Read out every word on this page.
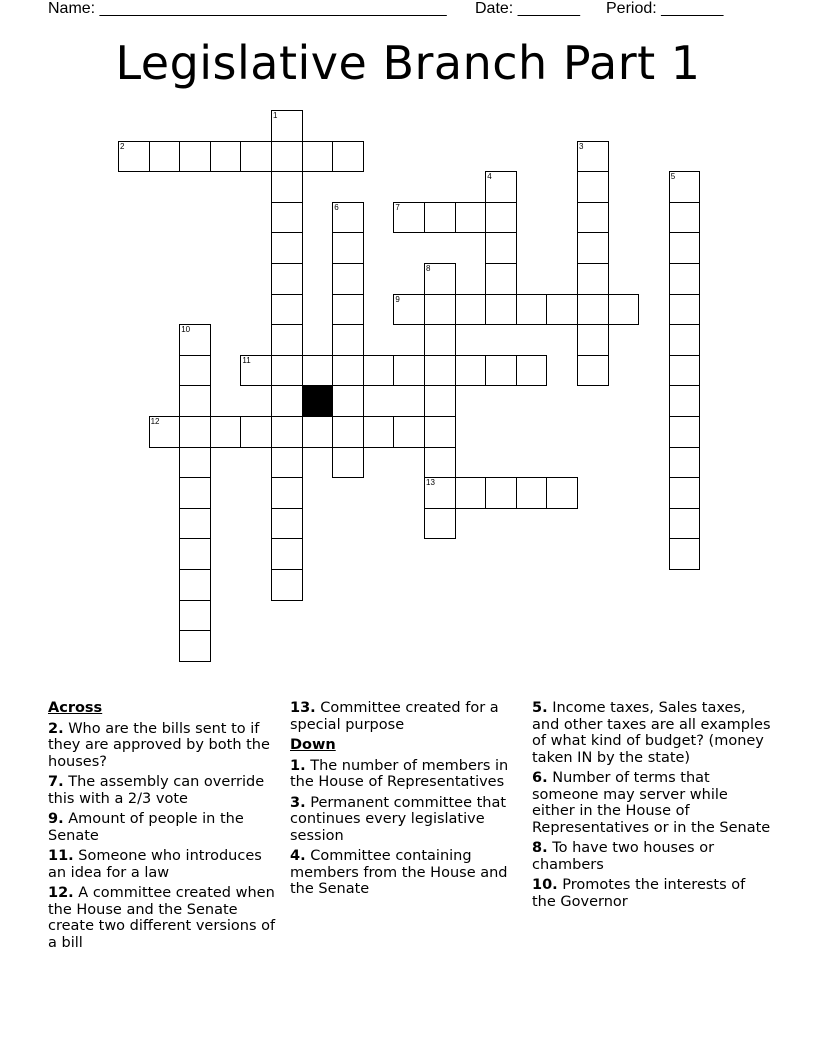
Name: _______________________________________

Date: _______

Period: _______

Legislative Branch Part 1
1
2	3
4	5
6	7
8
9
10
11
12
13
Across
2. Who are the bills sent to if they are approved by both the houses?
7. The assembly can override this with a 2/3 vote
9. Amount of people in the Senate
11. Someone who introduces an idea for a law
12. A committee created when the House and the Senate create two different versions of a bill
13. Committee created for a special purpose
Down
1. The number of members in the House of Representatives
3. Permanent committee that continues every legislative session
4. Committee containing members from the House and the Senate
5. Income taxes, Sales taxes, and other taxes are all examples of what kind of budget? (money taken IN by the state)
6. Number of terms that someone may server while either in the House of Representatives or in the Senate
8. To have two houses or chambers
10. Promotes the interests of the Governor
